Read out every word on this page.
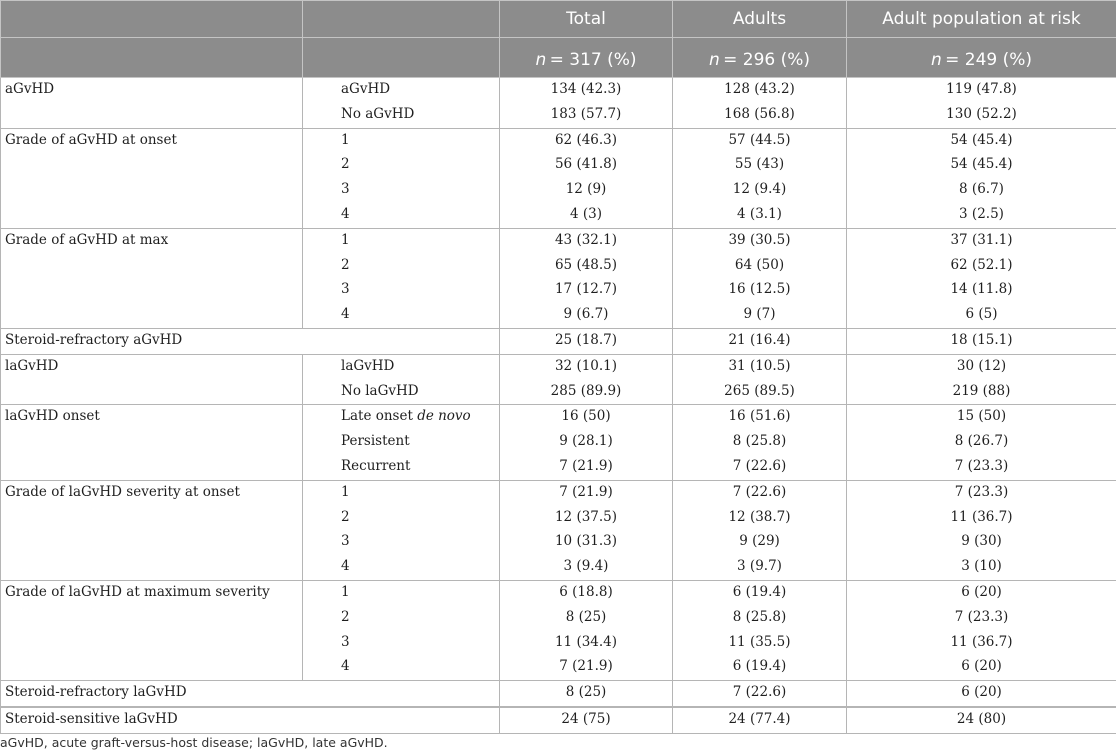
		Total	Adults	Adult population at risk
		n = 317 (%)	n = 296 (%)	n = 249 (%)
aGvHD	aGvHD	134 (42.3)	128 (43.2)	119 (47.8)
	No aGvHD	183 (57.7)	168 (56.8)	130 (52.2)
Grade of aGvHD at onset	1	62 (46.3)	57 (44.5)	54 (45.4)
	2	56 (41.8)	55 (43)	54 (45.4)
	3	12 (9)	12 (9.4)	8 (6.7)
	4	4 (3)	4 (3.1)	3 (2.5)
Grade of aGvHD at max	1	43 (32.1)	39 (30.5)	37 (31.1)
	2	65 (48.5)	64 (50)	62 (52.1)
	3	17 (12.7)	16 (12.5)	14 (11.8)
	4	9 (6.7)	9 (7)	6 (5)
Steroid-refractory aGvHD		25 (18.7)	21 (16.4)	18 (15.1)
laGvHD	laGvHD	32 (10.1)	31 (10.5)	30 (12)
	No laGvHD	285 (89.9)	265 (89.5)	219 (88)
laGvHD onset	Late onset de novo	16 (50)	16 (51.6)	15 (50)
	Persistent	9 (28.1)	8 (25.8)	8 (26.7)
	Recurrent	7 (21.9)	7 (22.6)	7 (23.3)
Grade of laGvHD severity at onset	1	7 (21.9)	7 (22.6)	7 (23.3)
	2	12 (37.5)	12 (38.7)	11 (36.7)
	3	10 (31.3)	9 (29)	9 (30)
	4	3 (9.4)	3 (9.7)	3 (10)
Grade of laGvHD at maximum severity	1	6 (18.8)	6 (19.4)	6 (20)
	2	8 (25)	8 (25.8)	7 (23.3)
	3	11 (34.4)	11 (35.5)	11 (36.7)
	4	7 (21.9)	6 (19.4)	6 (20)
Steroid-refractory laGvHD		8 (25)	7 (22.6)	6 (20)
Steroid-sensitive laGvHD		24 (75)	24 (77.4)	24 (80)
aGvHD, acute graft-versus-host disease; laGvHD, late aGvHD.
